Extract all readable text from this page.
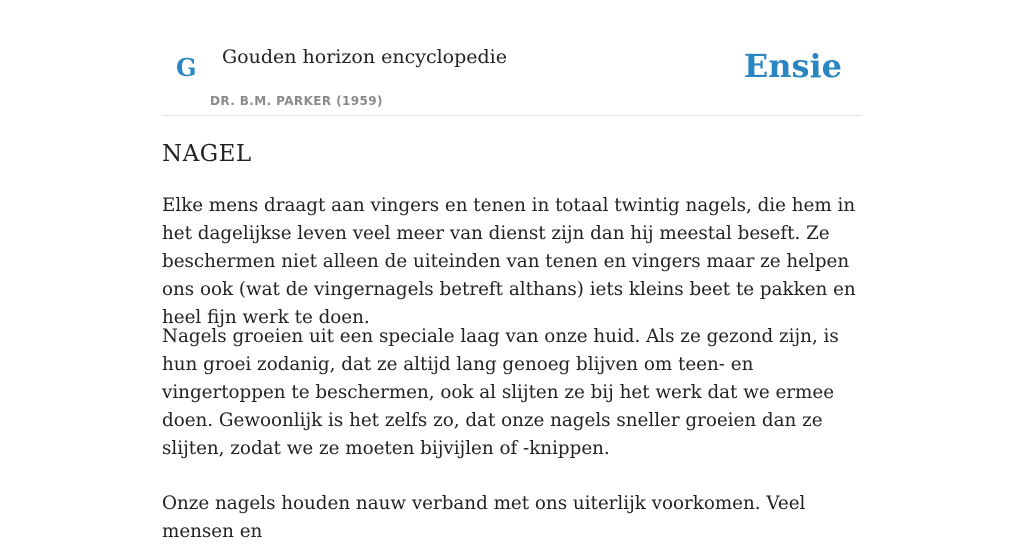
G Gouden horizon encyclopedie
DR. B.M. PARKER (1959)
Ensie
NAGEL

Elke mens draagt aan vingers en tenen in totaal twintig nagels, die hem in het dagelijkse leven veel meer van dienst zijn dan hij meestal beseft. Ze beschermen niet alleen de uiteinden van tenen en vingers maar ze helpen ons ook (wat de vingernagels betreft althans) iets kleins beet te pakken en heel fijn werk te doen.

Nagels groeien uit een speciale laag van onze huid. Als ze gezond zijn, is hun groei zodanig, dat ze altijd lang genoeg blijven om teen- en vingertoppen te beschermen, ook al slijten ze bij het werk dat we ermee doen. Gewoonlijk is het zelfs zo, dat onze nagels sneller groeien dan ze slijten, zodat we ze moeten bijvijlen of -knippen.

Onze nagels houden nauw verband met ons uiterlijk voorkomen. Veel mensen en
